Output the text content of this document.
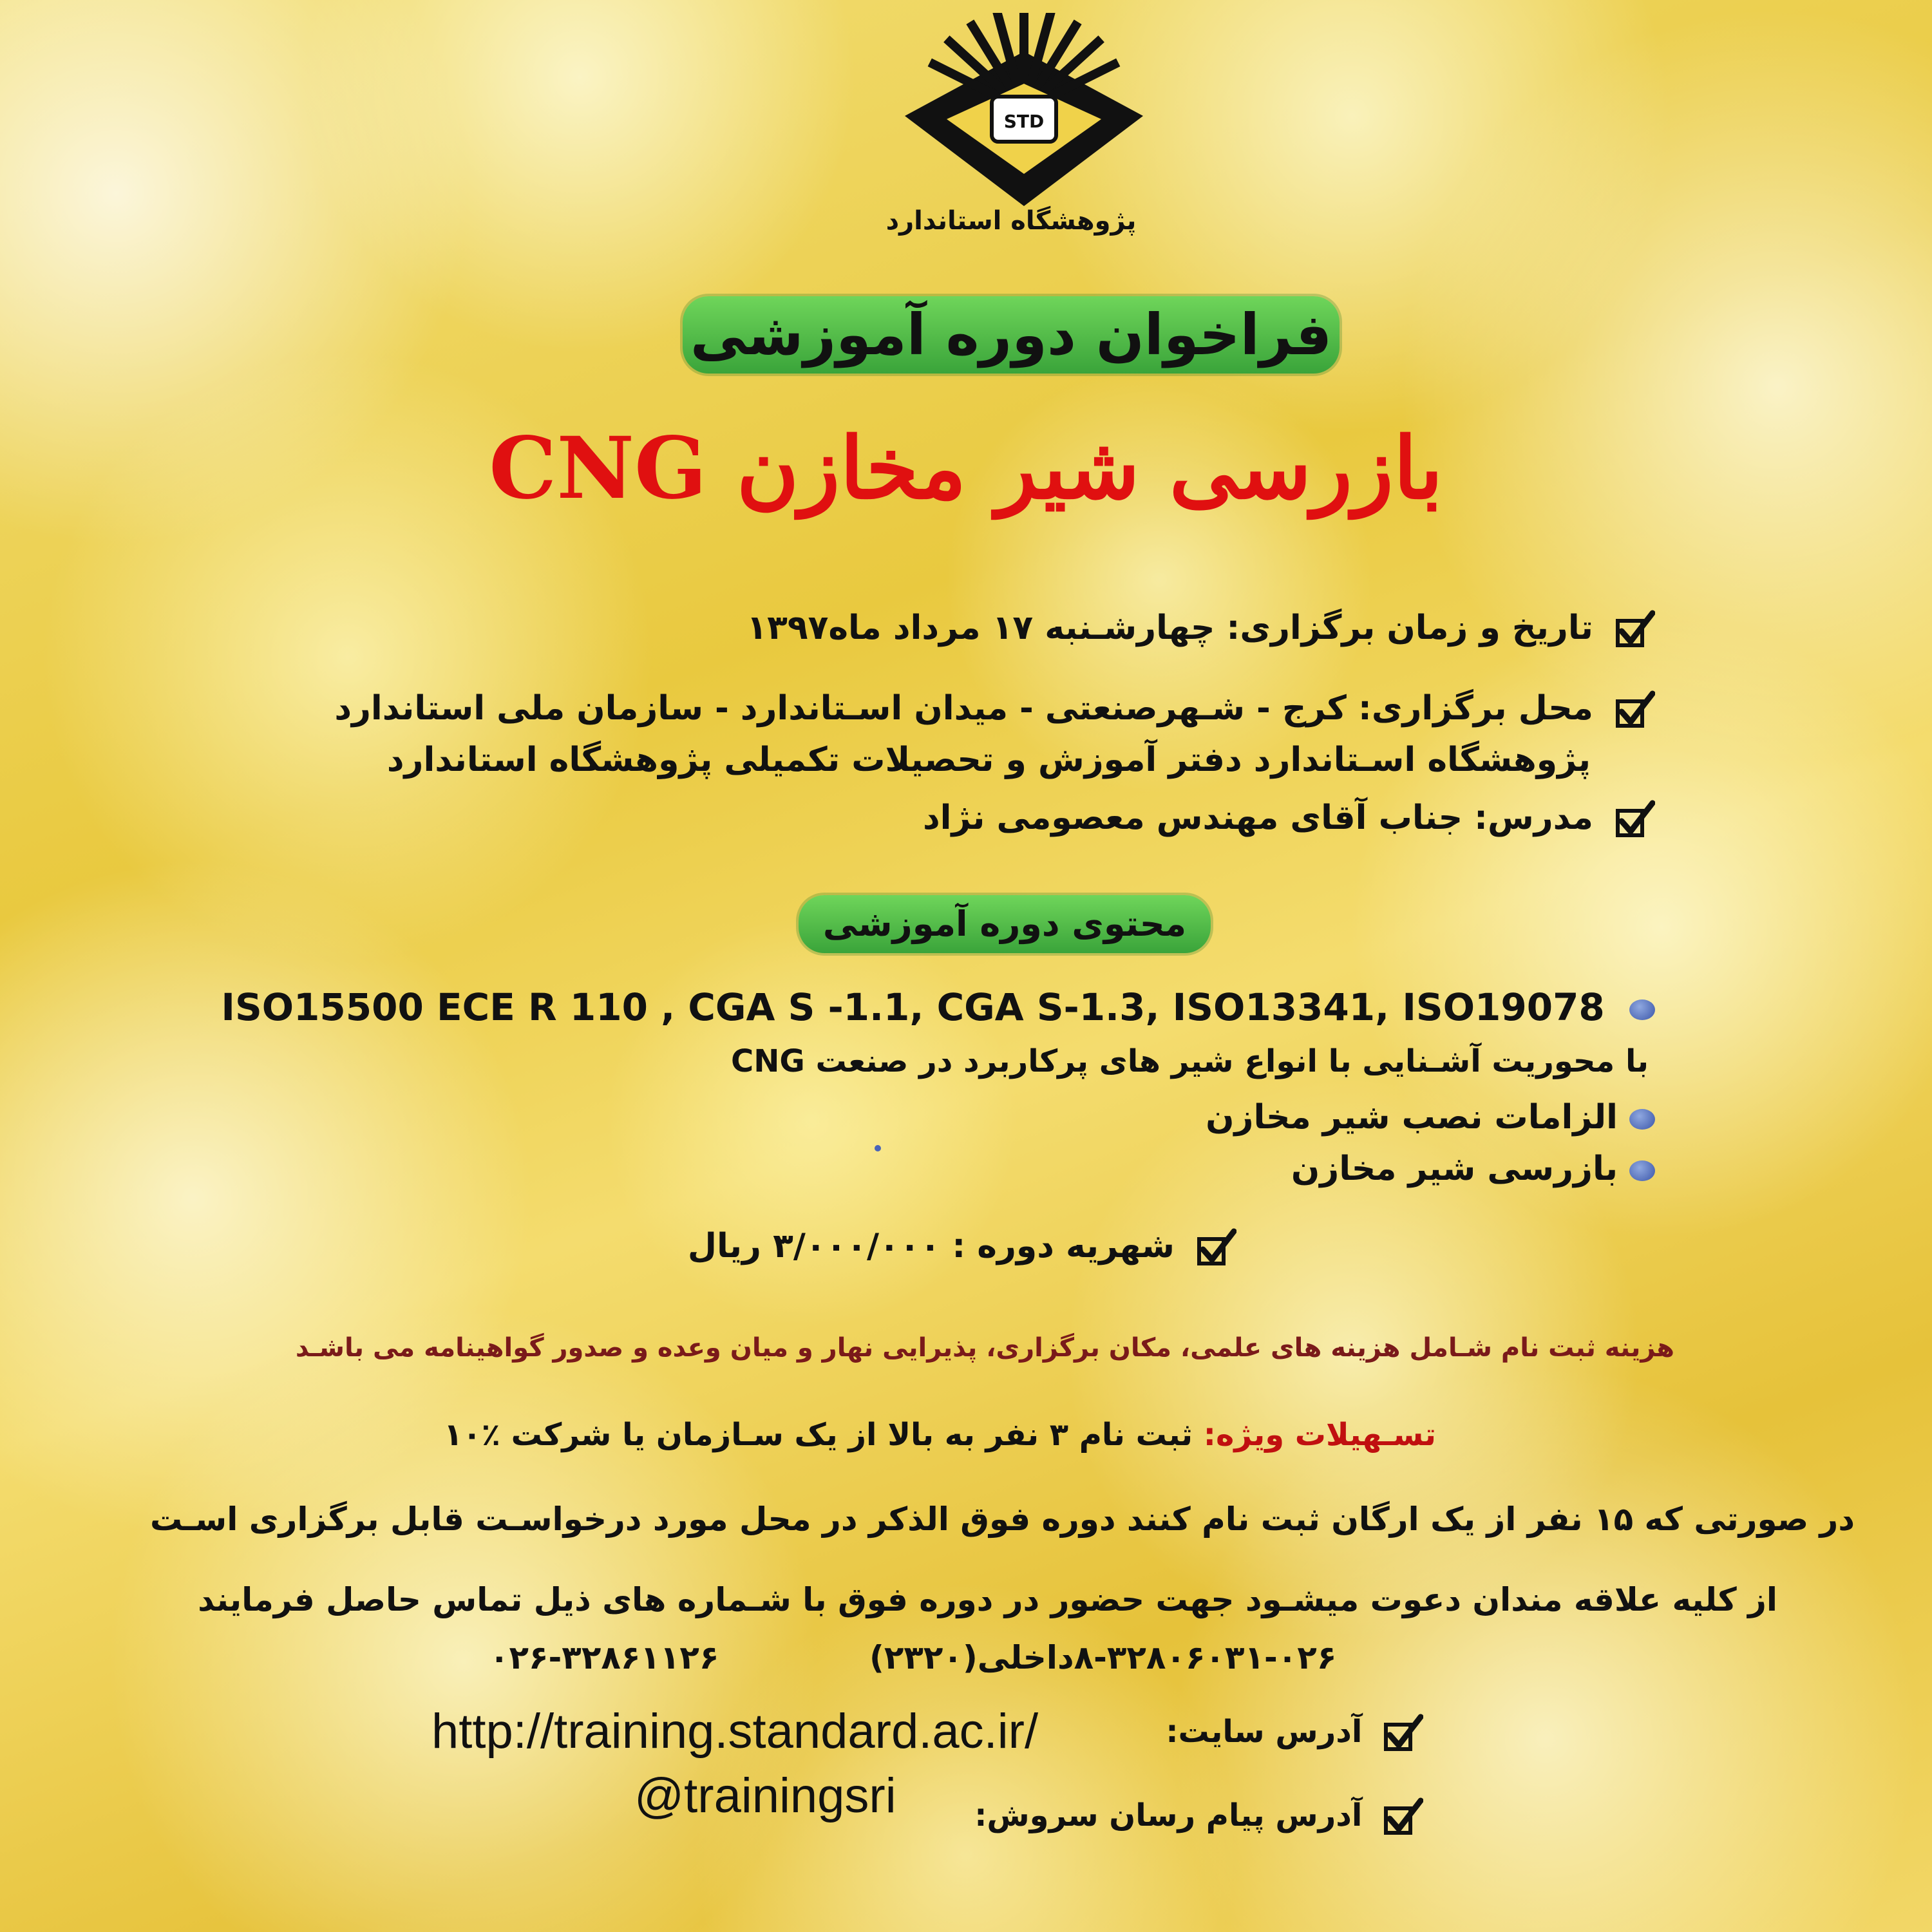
STD
پژوهشگاه استاندارد
فراخوان دوره آموزشی
بازرسی شیر مخازن CNG
تاریخ و زمان برگزاری: چهارشـنبه ۱۷ مرداد ماه۱۳۹۷
محل برگزاری: کرج - شـهرصنعتی - میدان اسـتاندارد - سازمان ملی استاندارد
پژوهشگاه اسـتاندارد دفتر آموزش و تحصیلات تکمیلی پژوهشگاه استاندارد
مدرس: جناب آقای مهندس معصومی نژاد
محتوی دوره آموزشی
ISO15500 ECE R 110 , CGA S -1.1, CGA S-1.3, ISO13341, ISO19078
با محوریت آشـنایی با انواع شیر های پرکاربرد در صنعت CNG
الزامات نصب شیر مخازن
بازرسی شیر مخازن
شهریه دوره : ۳/۰۰۰/۰۰۰ ریال
هزینه ثبت نام شـامل هزینه های علمی، مکان برگزاری، پذیرایی نهار و میان وعده و صدور گواهینامه می باشـد
تسـهیلات ویژه: ثبت نام ۳ نفر به بالا از یک سـازمان یا شرکت ٪۱۰
در صورتی که ۱۵ نفر از یک ارگان ثبت نام کنند دوره فوق الذکر در محل مورد درخواسـت قابل برگزاری اسـت
از کلیه علاقه مندان دعوت میشـود جهت حضور در دوره فوق با شـماره های ذیل تماس حاصل فرمایند
۸-۳۲۸۰۶۰۳۱-۰۲۶داخلی(۲۳۲۰)
۰۲۶-۳۲۸۶۱۱۲۶
آدرس سایت:
http://training.standard.ac.ir/
آدرس پیام رسان سروش:
@trainingsri
